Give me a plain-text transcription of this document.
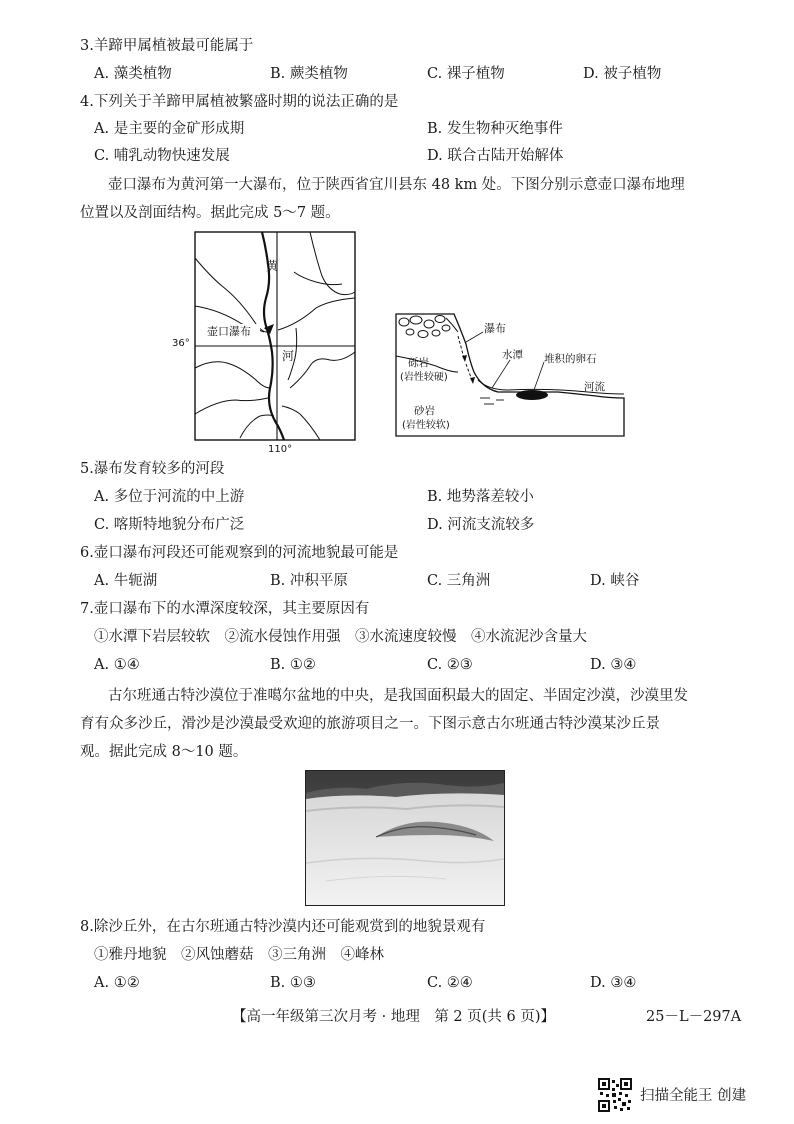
3.羊蹄甲属植被最可能属于
A. 藻类植物	B. 蕨类植物	C. 裸子植物	D. 被子植物
4.下列关于羊蹄甲属植被繁盛时期的说法正确的是
A. 是主要的金矿形成期	B. 发生物种灭绝事件
C. 哺乳动物快速发展	D. 联合古陆开始解体
壶口瀑布为黄河第一大瀑布，位于陕西省宜川县东 48 km 处。下图分别示意壶口瀑布地理
位置以及剖面结构。据此完成 5～7 题。
黄
河
壶口瀑布
36°
110°
瀑布
砾岩
(岩性较硬)
水潭 堆积的卵石
河流
砂岩
(岩性较软)
5.瀑布发育较多的河段
A. 多位于河流的中上游	B. 地势落差较小
C. 喀斯特地貌分布广泛	D. 河流支流较多
6.壶口瀑布河段还可能观察到的河流地貌最可能是
A. 牛轭湖	B. 冲积平原	C. 三角洲	D. 峡谷
7.壶口瀑布下的水潭深度较深，其主要原因有
①水潭下岩层较软　②流水侵蚀作用强　③水流速度较慢　④水流泥沙含量大
A. ①④	B. ①②	C. ②③	D. ③④
古尔班通古特沙漠位于准噶尔盆地的中央，是我国面积最大的固定、半固定沙漠，沙漠里发
育有众多沙丘，滑沙是沙漠最受欢迎的旅游项目之一。下图示意古尔班通古特沙漠某沙丘景
观。据此完成 8～10 题。
8.除沙丘外，在古尔班通古特沙漠内还可能观赏到的地貌景观有
①雅丹地貌　②风蚀蘑菇　③三角洲　④峰林
A. ①②	B. ①③	C. ②④	D. ③④
【高一年级第三次月考 · 地理　第 2 页(共 6 页)】	25－L－297A
扫描全能王 创建
